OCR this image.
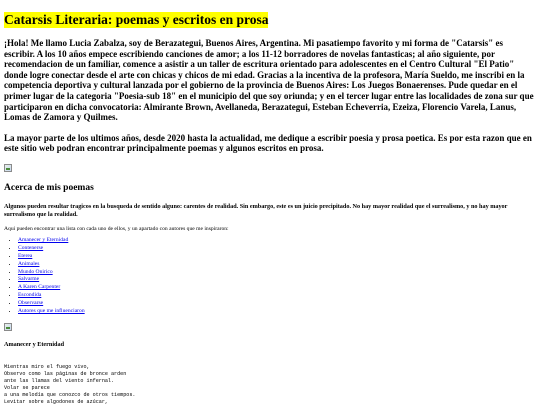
Catarsis Literaria: poemas y escritos en prosa

¡Hola! Me llamo Lucia Zabalza, soy de Berazategui, Buenos Aires, Argentina. Mi pasatiempo favorito y mi forma de "Catarsis" es escribir. A los 10 años empece escribiendo canciones de amor; a los 11-12 borradores de novelas fantasticas; al año siguiente, por recomendacion de un familiar, comence a asistir a un taller de escritura orientado para adolescentes en el Centro Cultural "El Patio" donde logre conectar desde el arte con chicas y chicos de mi edad. Gracias a la incentiva de la profesora, María Sueldo, me inscribi en la competencia deportiva y cultural lanzada por el gobierno de la provincia de Buenos Aires: Los Juegos Bonaerenses. Pude quedar en el primer lugar de la categoria "Poesia-sub 18" en el municipio del que soy oriunda; y en el tercer lugar entre las localidades de zona sur que participaron en dicha convocatoria: Almirante Brown, Avellaneda, Berazategui, Esteban Echeverria, Ezeiza, Florencio Varela, Lanus, Lomas de Zamora y Quilmes.

La mayor parte de los ultimos años, desde 2020 hasta la actualidad, me dedique a escribir poesia y prosa poetica. Es por esta razon que en este sitio web podran encontrar principalmente poemas y algunos escritos en prosa.

Acerca de mis poemas

Algunos pueden resultar tragicos en la busqueda de sentido alguno: carentes de realidad. Sin embargo, este es un juicio precipitado. No hay mayor realidad que el surrealismo, y no hay mayor surrealismo que la realidad.

Aqui pueden encontrar una lista con cada uno de ellos, y un apartado con autores que me inspiraron:

• Amanecer y Eternidad
• Contenerse
• Eterea
• Animales
• Mundo Onirico
• Salvarme
• A Karen Carpenter
• Escondida
• Observarse
• Autores que me influenciaron
Amanecer y Eternidad
Mientras miro el fuego vivo,
Observo como las páginas de bronce arden
ante las llamas del viento infernal.
Volar se parece
a una melodía que conozco de otros tiempos.
Levitar sobre algodones de azúcar,
